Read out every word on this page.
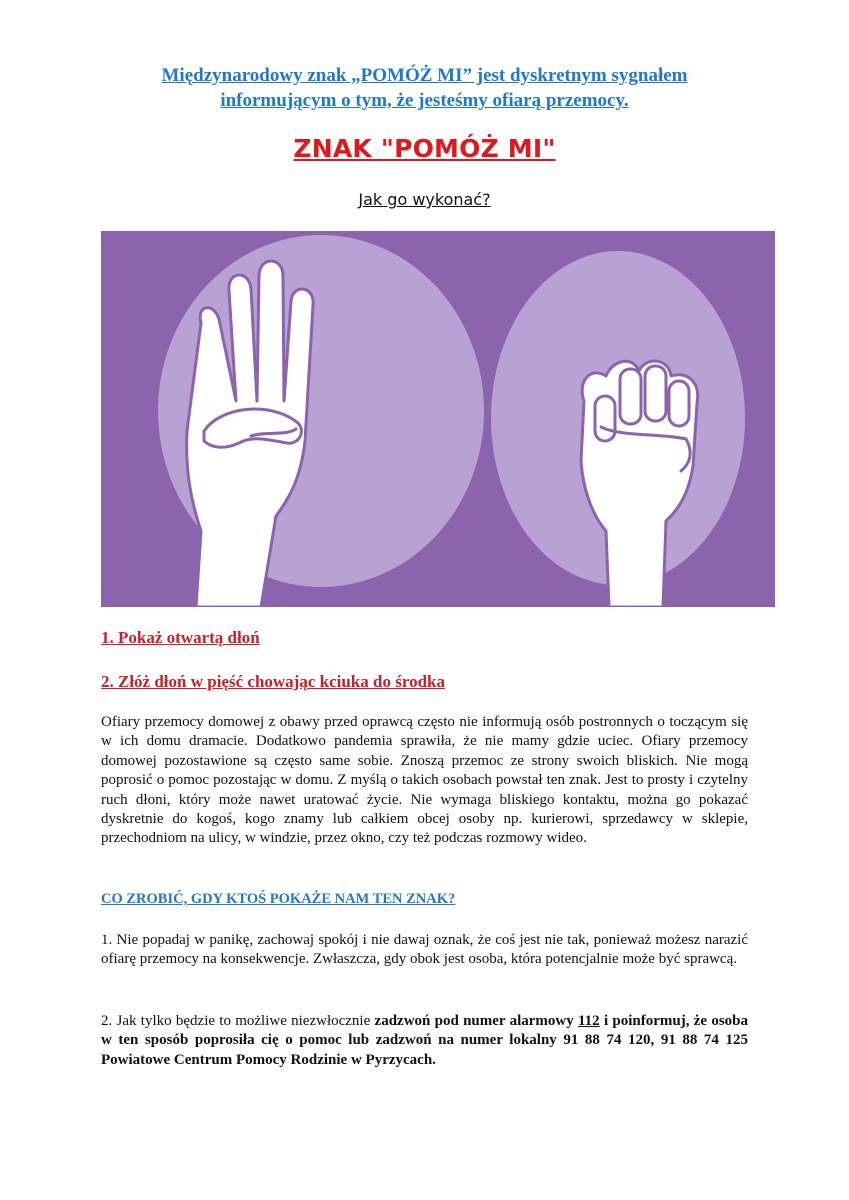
Międzynarodowy znak „POMÓŻ MI” jest dyskretnym sygnałem
informującym o tym, że jesteśmy ofiarą przemocy.
ZNAK "POMÓŻ MI"
Jak go wykonać?
1. Pokaż otwartą dłoń
2. Złóż dłoń w pięść chowając kciuka do środka
Ofiary przemocy domowej z obawy przed oprawcą często nie informują osób postronnych o toczącym się w ich domu dramacie. Dodatkowo pandemia sprawiła, że nie mamy gdzie uciec. Ofiary przemocy domowej pozostawione są często same sobie. Znoszą przemoc ze strony swoich bliskich. Nie mogą poprosić o pomoc pozostając w domu. Z myślą o takich osobach powstał ten znak. Jest to prosty i czytelny ruch dłoni, który może nawet uratować życie. Nie wymaga bliskiego kontaktu, można go pokazać dyskretnie do kogoś, kogo znamy lub całkiem obcej osoby np. kurierowi, sprzedawcy w sklepie, przechodniom na ulicy, w windzie, przez okno, czy też podczas rozmowy wideo.
CO ZROBIĆ, GDY KTOŚ POKAŻE NAM TEN ZNAK?
1. Nie popadaj w panikę, zachowaj spokój i nie dawaj oznak, że coś jest nie tak, ponieważ możesz narazić ofiarę przemocy na konsekwencje. Zwłaszcza, gdy obok jest osoba, która potencjalnie może być sprawcą.
2. Jak tylko będzie to możliwe niezwłocznie zadzwoń pod numer alarmowy 112 i poinformuj, że osoba w ten sposób poprosiła cię o pomoc lub zadzwoń na numer lokalny 91 88 74 120, 91 88 74 125 Powiatowe Centrum Pomocy Rodzinie w Pyrzycach.
